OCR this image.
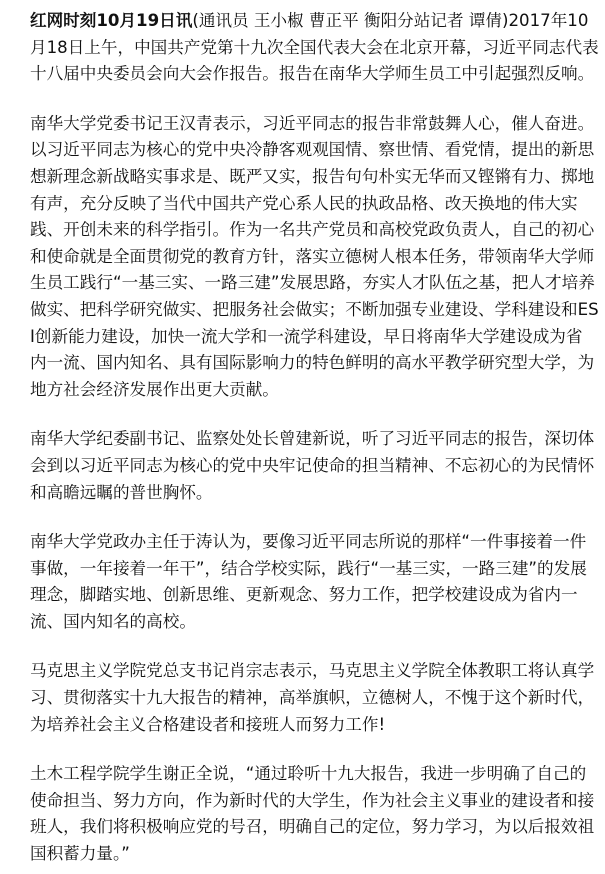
红网时刻10月19日讯(通讯员 王小椒 曹正平 衡阳分站记者 谭倩)2017年10月18日上午，中国共产党第十九次全国代表大会在北京开幕，习近平同志代表十八届中央委员会向大会作报告。报告在南华大学师生员工中引起强烈反响。

南华大学党委书记王汉青表示，习近平同志的报告非常鼓舞人心，催人奋进。以习近平同志为核心的党中央冷静客观观国情、察世情、看党情，提出的新思想新理念新战略实事求是、既严又实，报告句句朴实无华而又铿锵有力、掷地有声，充分反映了当代中国共产党心系人民的执政品格、改天换地的伟大实践、开创未来的科学指引。作为一名共产党员和高校党政负责人，自己的初心和使命就是全面贯彻党的教育方针，落实立德树人根本任务，带领南华大学师生员工践行“一基三实、一路三建”发展思路，夯实人才队伍之基，把人才培养做实、把科学研究做实、把服务社会做实；不断加强专业建设、学科建设和ESI创新能力建设，加快一流大学和一流学科建设，早日将南华大学建设成为省内一流、国内知名、具有国际影响力的特色鲜明的高水平教学研究型大学，为地方社会经济发展作出更大贡献。

南华大学纪委副书记、监察处处长曾建新说，听了习近平同志的报告，深切体会到以习近平同志为核心的党中央牢记使命的担当精神、不忘初心的为民情怀和高瞻远瞩的普世胸怀。

南华大学党政办主任于涛认为，要像习近平同志所说的那样“一件事接着一件事做，一年接着一年干”，结合学校实际，践行“一基三实，一路三建”的发展理念，脚踏实地、创新思维、更新观念、努力工作，把学校建设成为省内一流、国内知名的高校。

马克思主义学院党总支书记肖宗志表示，马克思主义学院全体教职工将认真学习、贯彻落实十九大报告的精神，高举旗帜，立德树人，不愧于这个新时代，为培养社会主义合格建设者和接班人而努力工作!

土木工程学院学生谢正全说，“通过聆听十九大报告，我进一步明确了自己的使命担当、努力方向，作为新时代的大学生，作为社会主义事业的建设者和接班人，我们将积极响应党的号召，明确自己的定位，努力学习，为以后报效祖国积蓄力量。”
